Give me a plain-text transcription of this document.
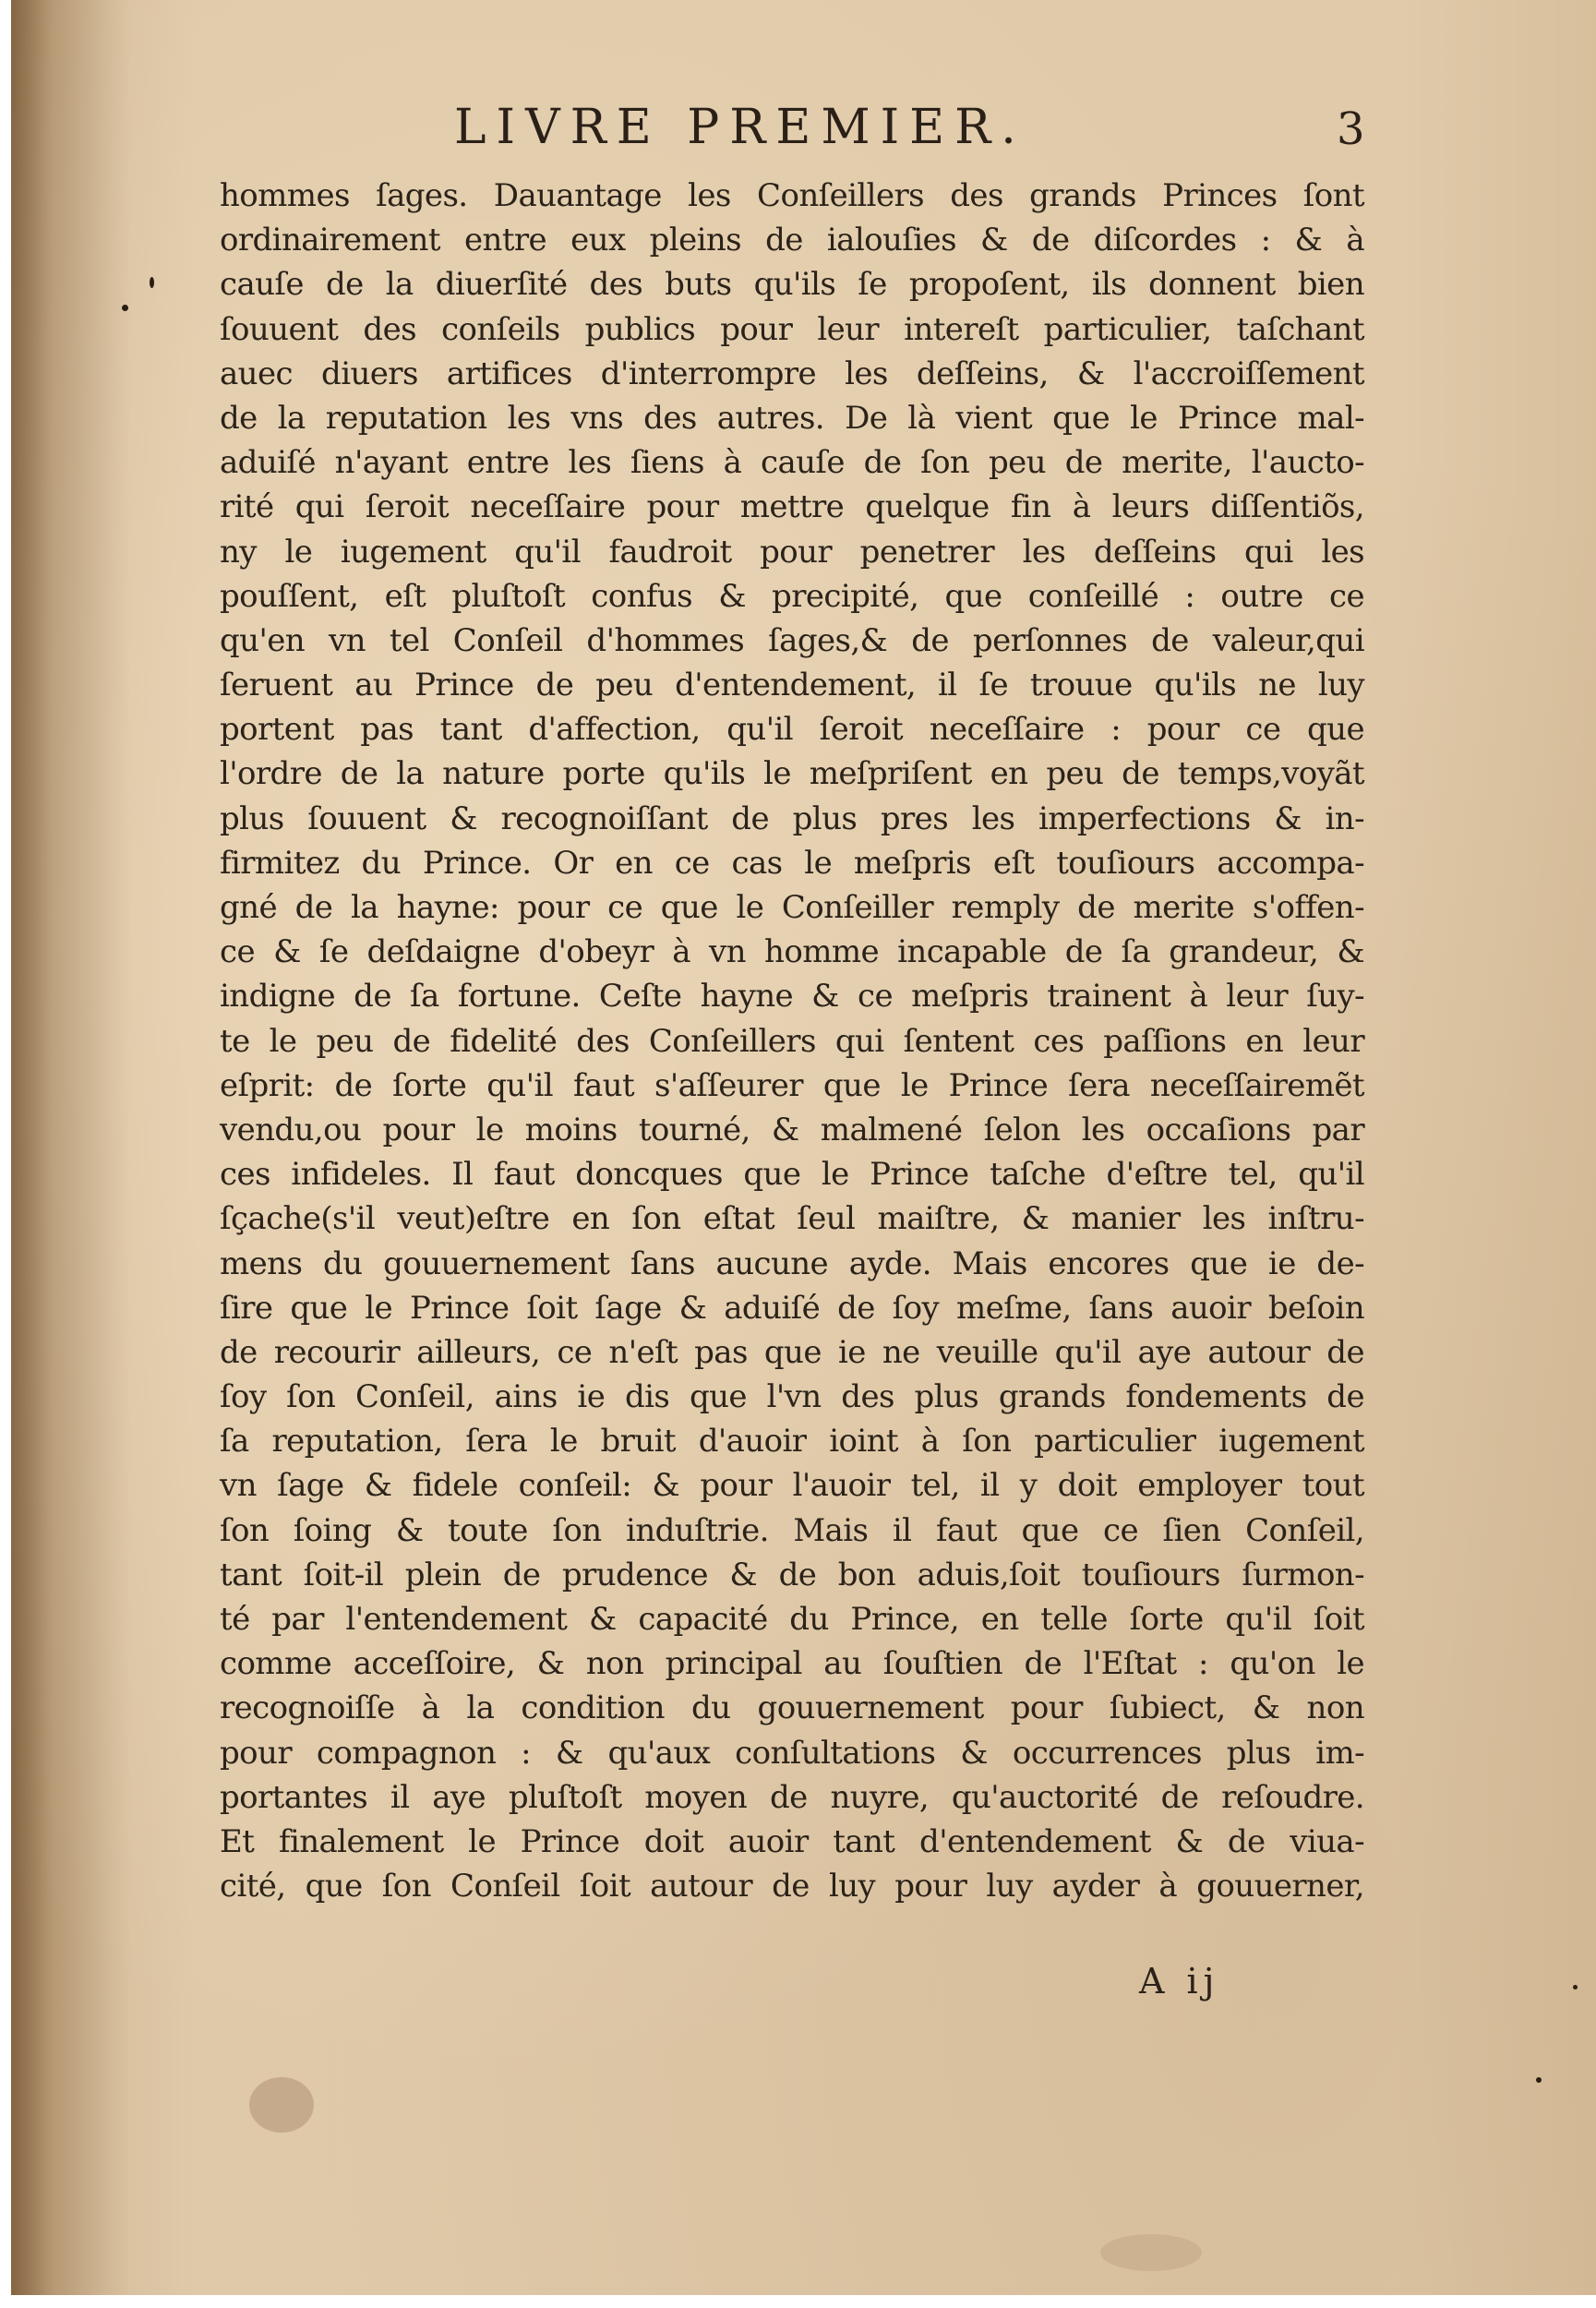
LIVRE PREMIER.	3
hommes ſages. Dauantage les Conſeillers des grands Princes ſont
ordinairement entre eux pleins de ialouſies & de diſcordes : & à
cauſe de la diuerſité des buts qu'ils ſe propoſent, ils donnent bien
ſouuent des conſeils publics pour leur intereſt particulier, taſchant
auec diuers artifices d'interrompre les deſſeins, & l'accroiſſement
de la reputation les vns des autres. De là vient que le Prince mal-
aduiſé n'ayant entre les ſiens à cauſe de ſon peu de merite, l'aucto-
rité qui ſeroit neceſſaire pour mettre quelque fin à leurs diſſentiõs,
ny le iugement qu'il faudroit pour penetrer les deſſeins qui les
pouſſent, eſt pluſtoſt confus & precipité, que conſeillé : outre ce
qu'en vn tel Conſeil d'hommes ſages,& de perſonnes de valeur,qui
ſeruent au Prince de peu d'entendement, il ſe trouue qu'ils ne luy
portent pas tant d'affection, qu'il ſeroit neceſſaire : pour ce que
l'ordre de la nature porte qu'ils le meſpriſent en peu de temps,voyãt
plus ſouuent & recognoiſſant de plus pres les imperfections & in-
firmitez du Prince. Or en ce cas le meſpris eſt touſiours accompa-
gné de la hayne: pour ce que le Conſeiller remply de merite s'offen-
ce & ſe deſdaigne d'obeyr à vn homme incapable de ſa grandeur, &
indigne de ſa fortune. Ceſte hayne & ce meſpris trainent à leur ſuy-
te le peu de fidelité des Conſeillers qui ſentent ces paſſions en leur
eſprit: de ſorte qu'il faut s'aſſeurer que le Prince ſera neceſſairemẽt
vendu,ou pour le moins tourné, & malmené ſelon les occaſions par
ces infideles. Il faut doncques que le Prince taſche d'eſtre tel, qu'il
ſçache(s'il veut)eſtre en ſon eſtat ſeul maiſtre, & manier les inſtru-
mens du gouuernement ſans aucune ayde. Mais encores que ie de-
ſire que le Prince ſoit ſage & aduiſé de ſoy meſme, ſans auoir beſoin
de recourir ailleurs, ce n'eſt pas que ie ne veuille qu'il aye autour de
ſoy ſon Conſeil, ains ie dis que l'vn des plus grands fondements de
ſa reputation, ſera le bruit d'auoir ioint à ſon particulier iugement
vn ſage & fidele conſeil: & pour l'auoir tel, il y doit employer tout
ſon ſoing & toute ſon induſtrie. Mais il faut que ce ſien Conſeil,
tant ſoit-il plein de prudence & de bon aduis,ſoit touſiours ſurmon-
té par l'entendement & capacité du Prince, en telle ſorte qu'il ſoit
comme acceſſoire, & non principal au ſouſtien de l'Eſtat : qu'on le
recognoiſſe à la condition du gouuernement pour ſubiect, & non
pour compagnon : & qu'aux conſultations & occurrences plus im-
portantes il aye pluſtoſt moyen de nuyre, qu'auctorité de reſoudre.
Et finalement le Prince doit auoir tant d'entendement & de viua-
cité, que ſon Conſeil ſoit autour de luy pour luy ayder à gouuerner,
A ij
